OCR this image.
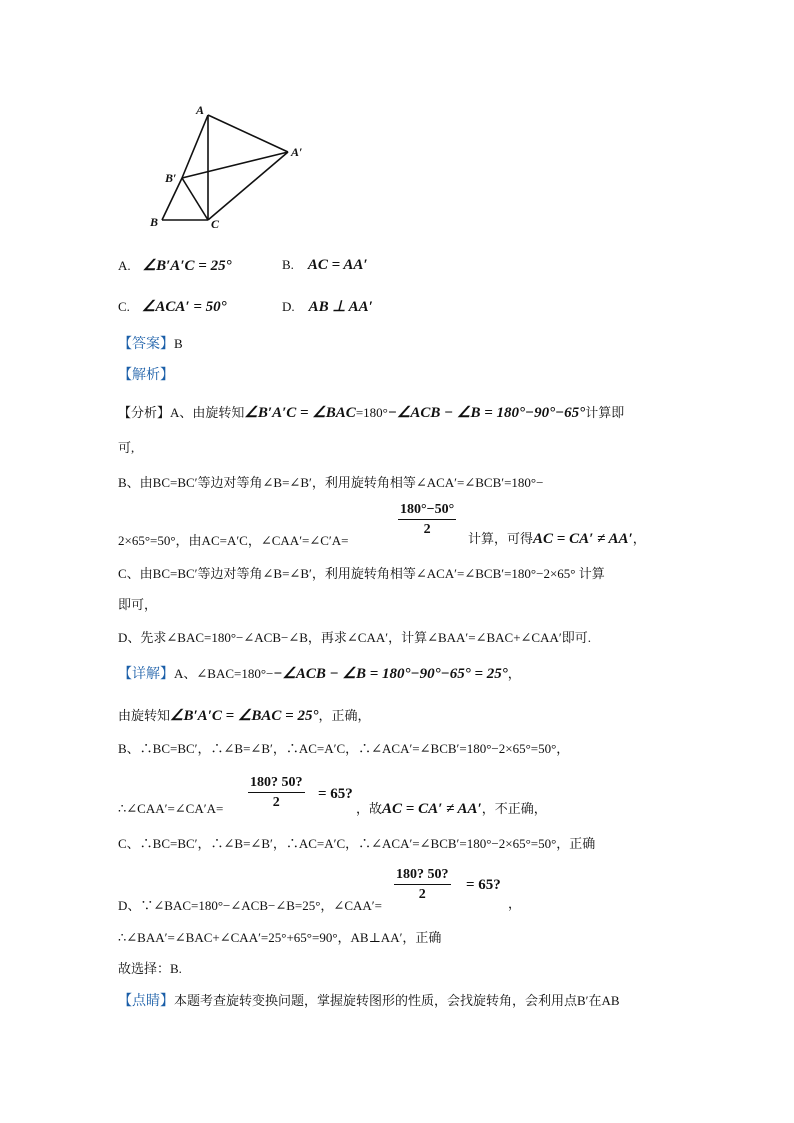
A
A′
B′
B	C
A. ∠B′A′C = 25°	B. AC = AA′
C. ∠ACA′ = 50°	D. AB ⊥ AA′
【答案】B
【解析】
【分析】A、由旋转知∠B′A′C = ∠BAC=180°−∠ACB − ∠B = 180°−90°−65°计算即
可,
B、由BC=BC′等边对等角∠B=∠B′，利用旋转角相等∠ACA′=∠BCB′=180°−
$\frac{180^\circ-50^\circ}{2}$
2×65°=50°，由AC=A′C，∠CAA′=∠C′A=	计算，可得AC = CA′ ≠ AA′，
C、由BC=BC′等边对等角∠B=∠B′，利用旋转角相等∠ACA′=∠BCB′=180°−2×65° 计算
即可，
D、先求∠BAC=180°−∠ACB−∠B，再求∠CAA′，计算∠BAA′=∠BAC+∠CAA′即可.
【详解】A、∠BAC=180°−−∠ACB − ∠B = 180°−90°−65° = 25°，
由旋转知∠B′A′C = ∠BAC = 25°，正确，
B、∴BC=BC′，∴∠B=∠B′，∴AC=A′C，∴∠ACA′=∠BCB′=180°−2×65°=50°，
$\frac{180? 50?}{2} = 65$?
∴∠CAA′=∠CA′A=	，故AC = CA′ ≠ AA′，不正确，
C、∴BC=BC′，∴∠B=∠B′，∴AC=A′C，∴∠ACA′=∠BCB′=180°−2×65°=50°，正确
$\frac{180? 50?}{2} = 65$?
D、∵∠BAC=180°−∠ACB−∠B=25°，∠CAA′=	，
∴∠BAA′=∠BAC+∠CAA′=25°+65°=90°，AB⊥AA′，正确
故选择：B.
【点睛】本题考查旋转变换问题，掌握旋转图形的性质，会找旋转角，会利用点B′在AB
